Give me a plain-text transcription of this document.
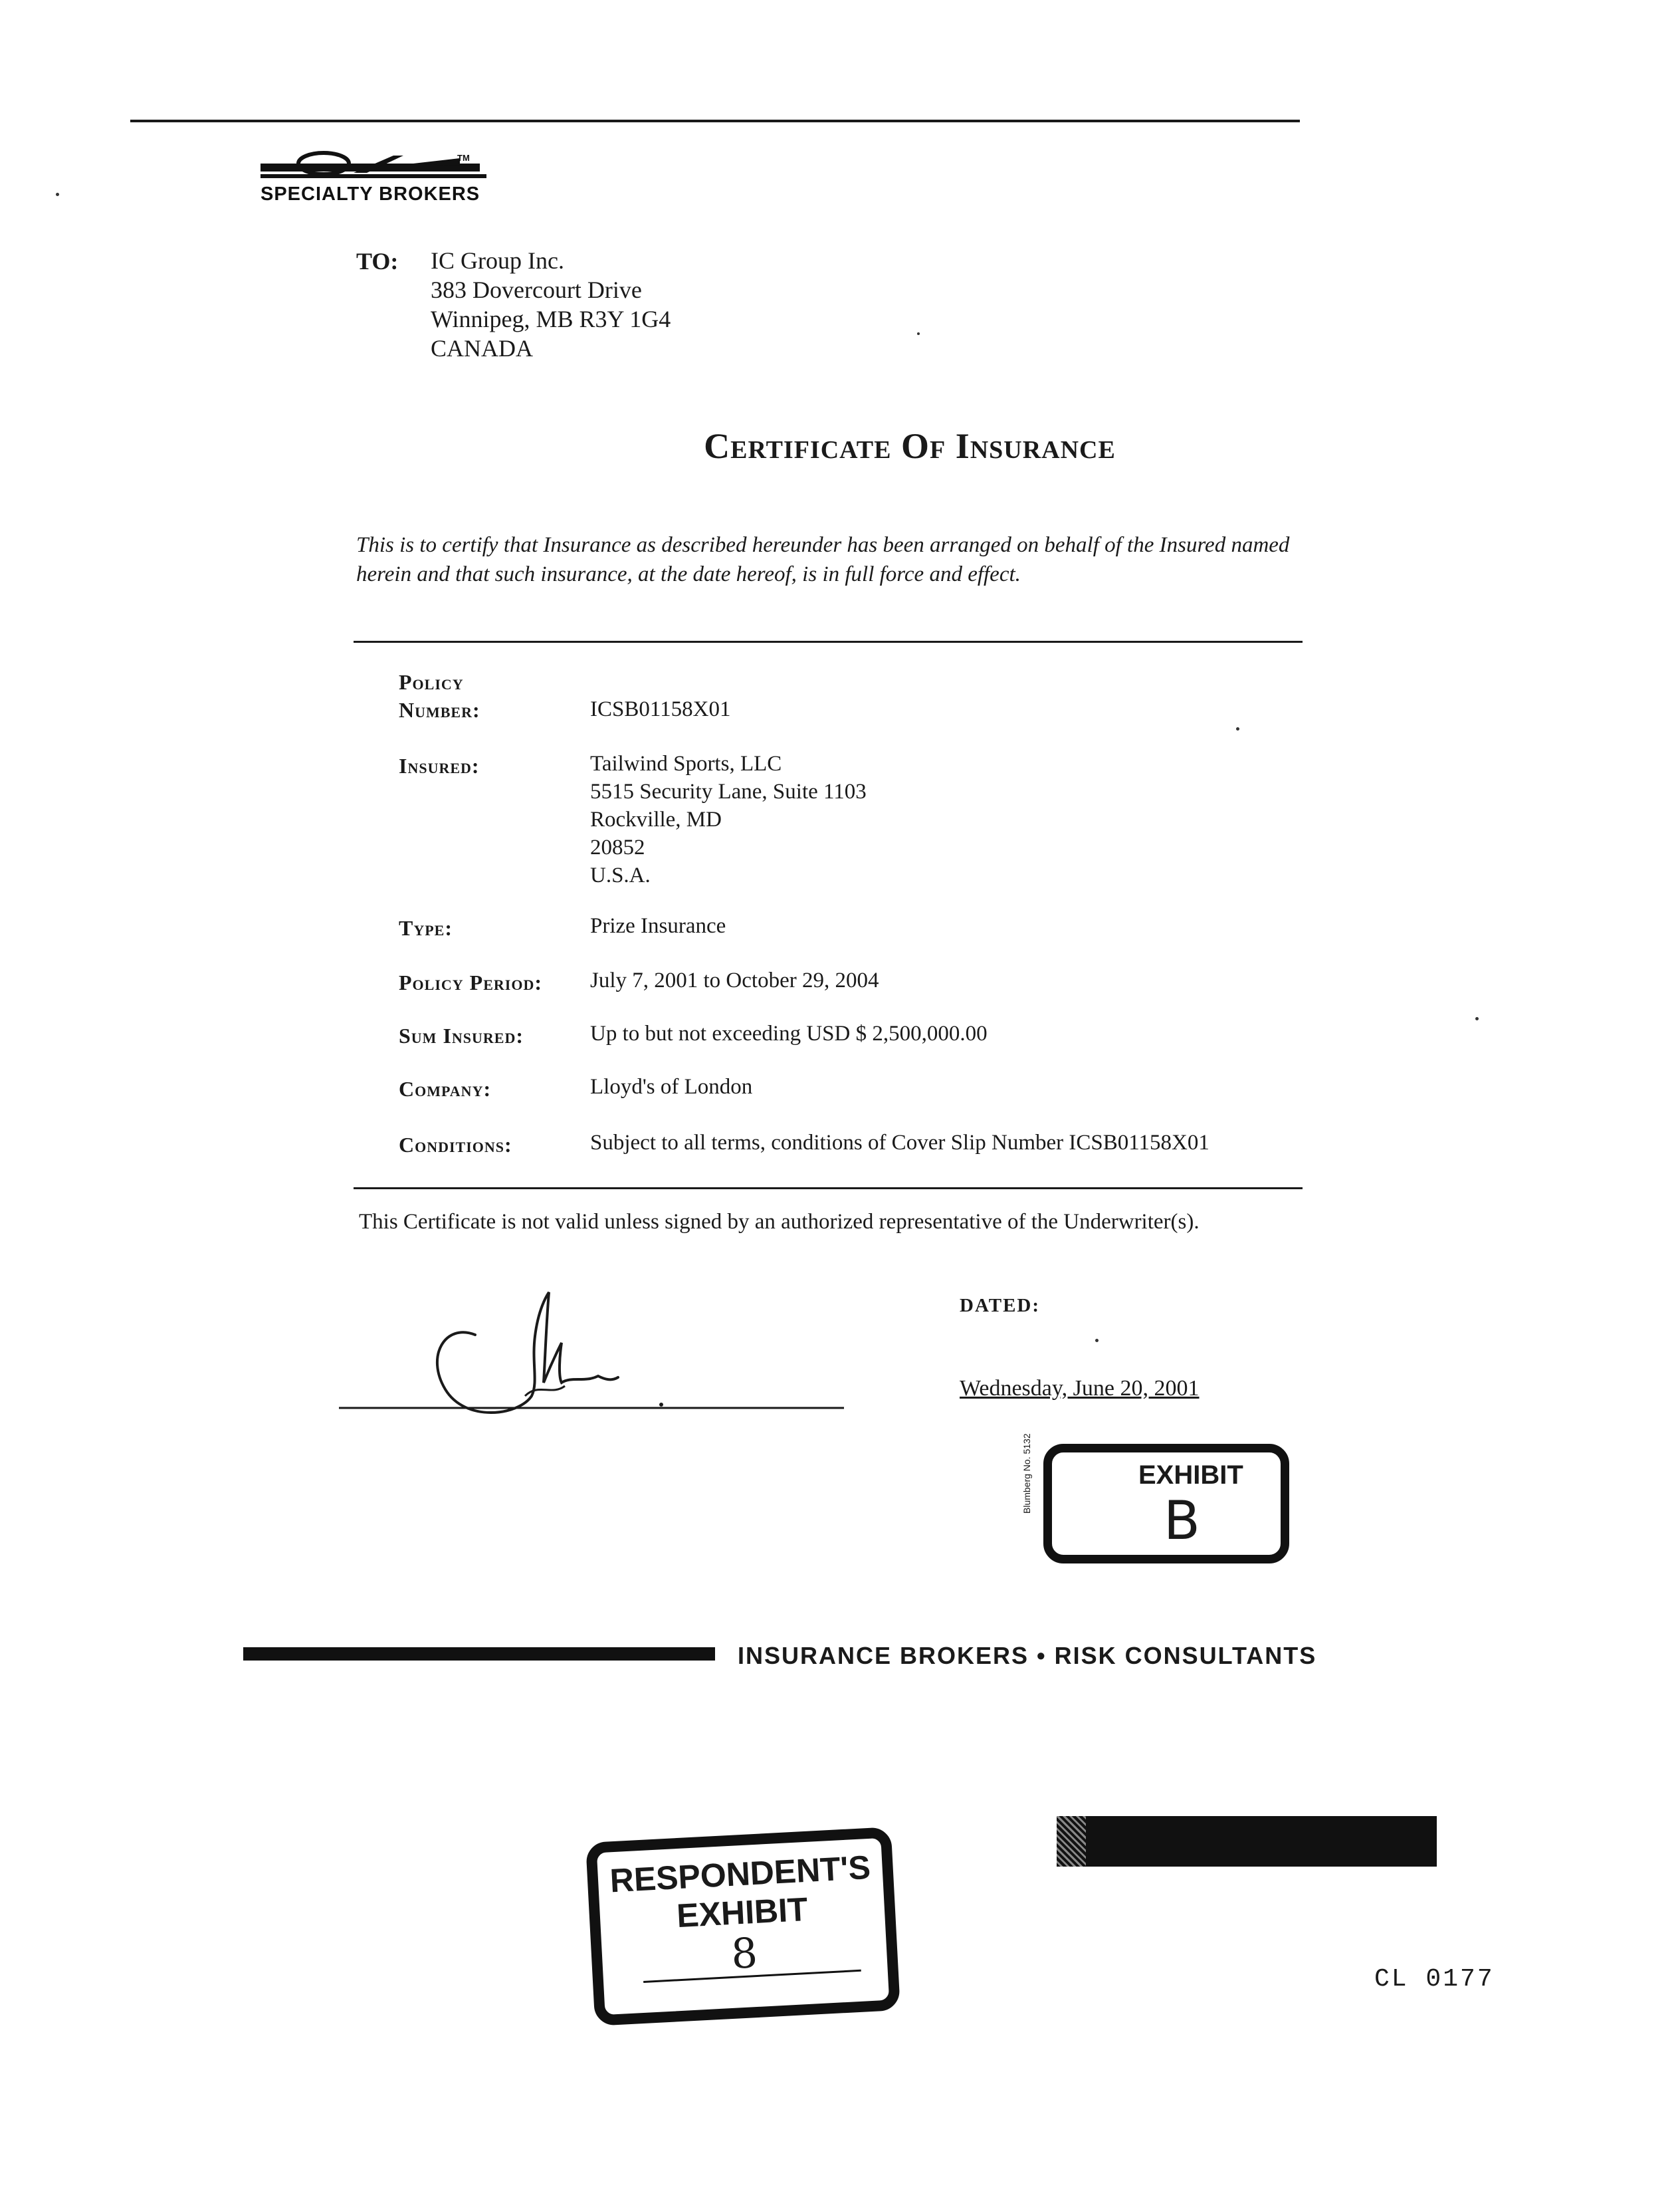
TM
SPECIALTY BROKERS
TO: IC Group Inc.
383 Dovercourt Drive
Winnipeg, MB R3Y 1G4
CANADA
Certificate Of Insurance
This is to certify that Insurance as described hereunder has been arranged on behalf of the Insured named herein and that such insurance, at the date hereof, is in full force and effect.
Policy
Number:	ICSB01158X01
Insured:	Tailwind Sports, LLC
5515 Security Lane, Suite 1103
Rockville, MD
20852
U.S.A.
Type:	Prize Insurance
Policy Period: July 7, 2001 to October 29, 2004
Sum Insured:	Up to but not exceeding USD $ 2,500,000.00
Company:	Lloyd's of London
Conditions:	Subject to all terms, conditions of Cover Slip Number ICSB01158X01
This Certificate is not valid unless signed by an authorized representative of the Underwriter(s).
DATED:
Wednesday, June 20, 2001
Blumberg No. 5132	EXHIBIT
B
INSURANCE BROKERS • RISK CONSULTANTS
RESPONDENT'S
EXHIBIT
8
CL 0177
